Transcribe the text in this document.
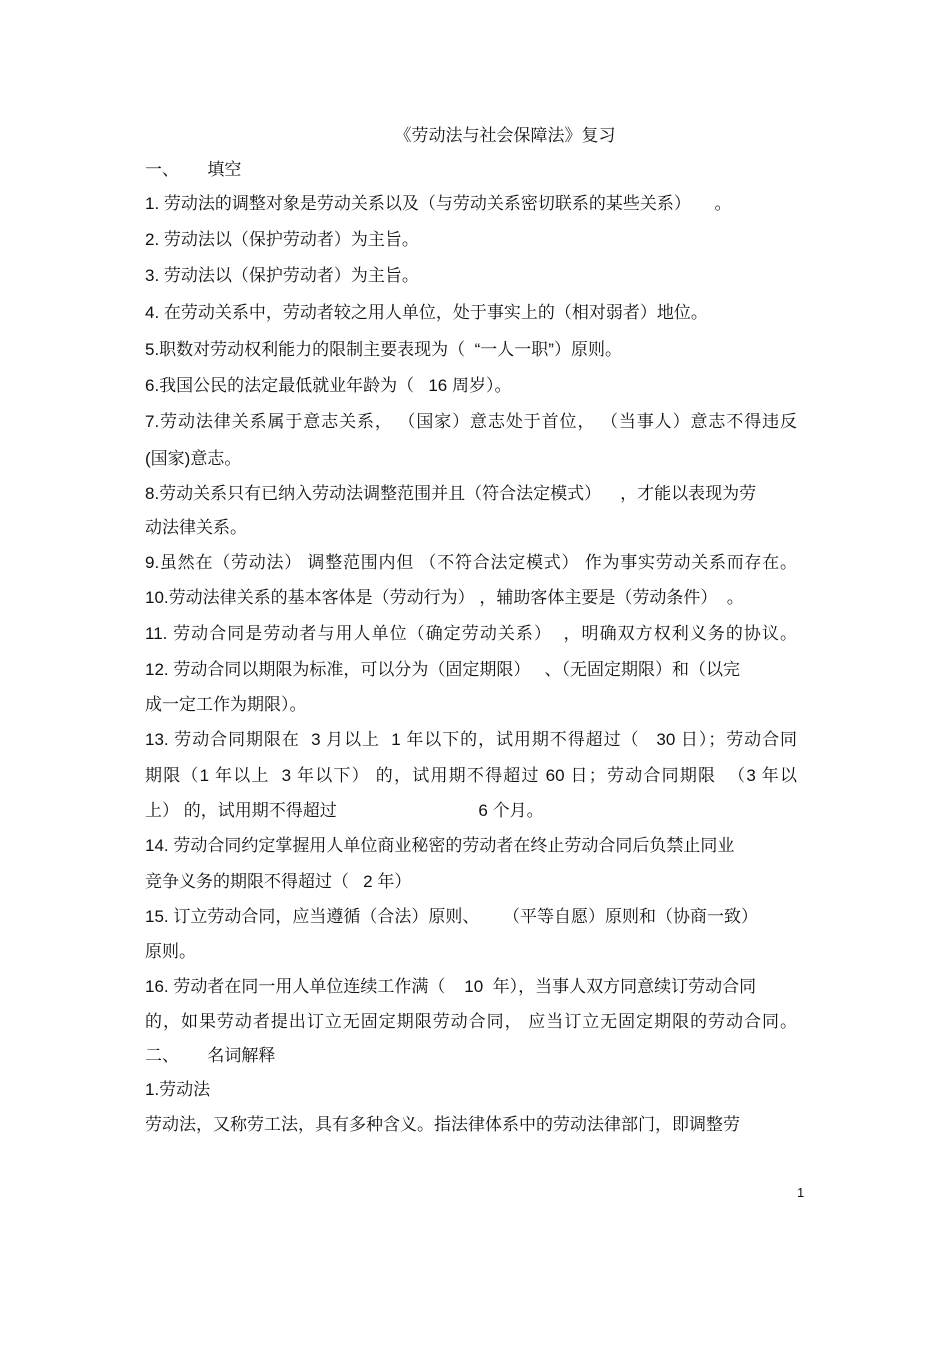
《劳动法与社会保障法》复习
一、      填空
1. 劳动法的调整对象是劳动关系以及（与劳动关系密切联系的某些关系）     。
2. 劳动法以（保护劳动者）为主旨。
3. 劳动法以（保护劳动者）为主旨。
4. 在劳动关系中，劳动者较之用人单位，处于事实上的（相对弱者）地位。
5.职数对劳动权利能力的限制主要表现为（  “一人一职”）原则。
6.我国公民的法定最低就业年龄为（   16 周岁）。
7.劳动法律关系属于意志关系， （国家）意志处于首位， （当事人）意志不得违反
(国家)意志。
8.劳动关系只有已纳入劳动法调整范围并且（符合法定模式）    ，才能以表现为劳
动法律关系。
9.虽然在（劳动法） 调整范围内但 （不符合法定模式） 作为事实劳动关系而存在。
10.劳动法律关系的基本客体是（劳动行为） ，辅助客体主要是（劳动条件）  。
11. 劳动合同是劳动者与用人单位（确定劳动关系）  ，明确双方权利义务的协议。
12. 劳动合同以期限为标准，可以分为（固定期限）   、（无固定期限）和（以完
成一定工作为期限）。
13. 劳动合同期限在  3 月以上  1 年以下的，试用期不得超过（   30 日）；劳动合同
期限（1 年以上  3 年以下） 的，试用期不得超过 60 日；劳动合同期限  （3 年以
上） 的，试用期不得超过                              6 个月。
14. 劳动合同约定掌握用人单位商业秘密的劳动者在终止劳动合同后负禁止同业
竞争义务的期限不得超过（   2 年）
15. 订立劳动合同，应当遵循（合法）原则、     （平等自愿）原则和（协商一致）
原则。
16. 劳动者在同一用人单位连续工作满（    10  年），当事人双方同意续订劳动合同
的，如果劳动者提出订立无固定期限劳动合同， 应当订立无固定期限的劳动合同。
二、      名词解释
1.劳动法
劳动法，又称劳工法，具有多种含义。指法律体系中的劳动法律部门，即调整劳
1
